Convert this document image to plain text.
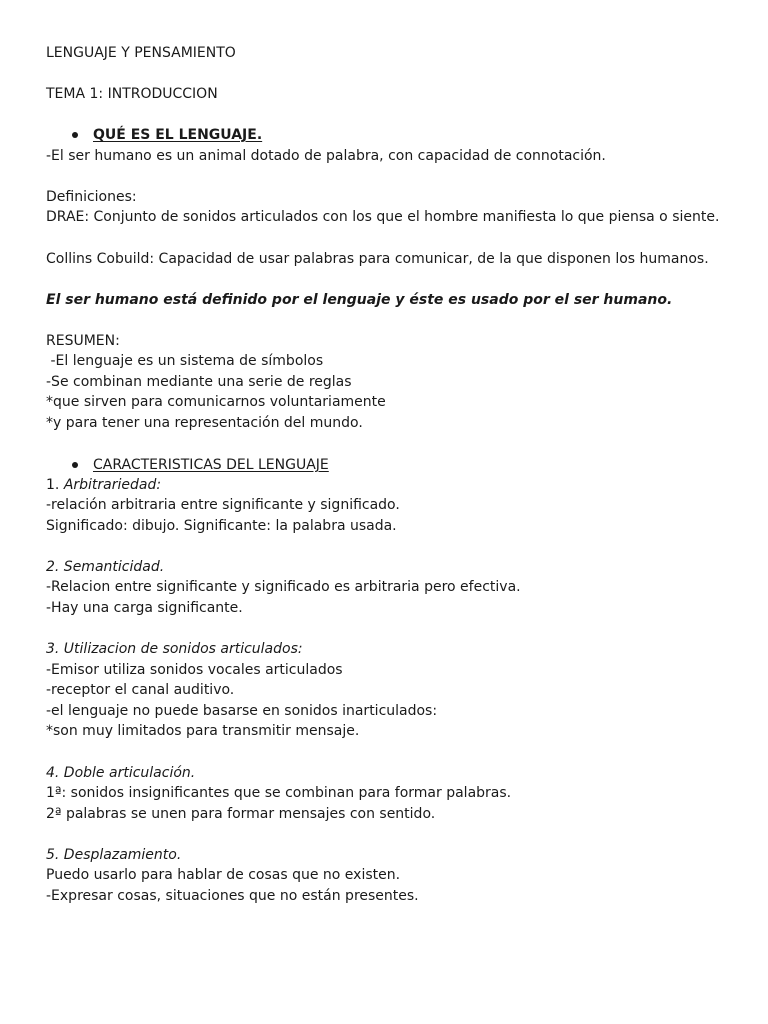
LENGUAJE Y PENSAMIENTO
TEMA 1: INTRODUCCION
QUÉ ES EL LENGUAJE.
-El ser humano es un animal dotado de palabra, con capacidad de connotación.
Definiciones:
DRAE: Conjunto de sonidos articulados con los que el hombre manifiesta lo que piensa o siente.
Collins Cobuild: Capacidad de usar palabras para comunicar, de la que disponen los humanos.
El ser humano está definido por el lenguaje y éste es usado por el ser humano.
RESUMEN:
-El lenguaje es un sistema de símbolos
-Se combinan mediante una serie de reglas
*que sirven para comunicarnos voluntariamente
*y para tener una representación del mundo.
CARACTERISTICAS DEL LENGUAJE
1. Arbitrariedad:
-relación arbitraria entre significante y significado.
Significado: dibujo. Significante: la palabra usada.
2. Semanticidad.
-Relacion entre significante y significado es arbitraria pero efectiva.
-Hay una carga significante.
3. Utilizacion de sonidos articulados:
-Emisor utiliza sonidos vocales articulados
-receptor el canal auditivo.
-el lenguaje no puede basarse en sonidos inarticulados:
*son muy limitados para transmitir mensaje.
4. Doble articulación.
1ª: sonidos insignificantes que se combinan para formar palabras.
2ª palabras se unen para formar mensajes con sentido.
5. Desplazamiento.
Puedo usarlo para hablar de cosas que no existen.
-Expresar cosas, situaciones que no están presentes.
